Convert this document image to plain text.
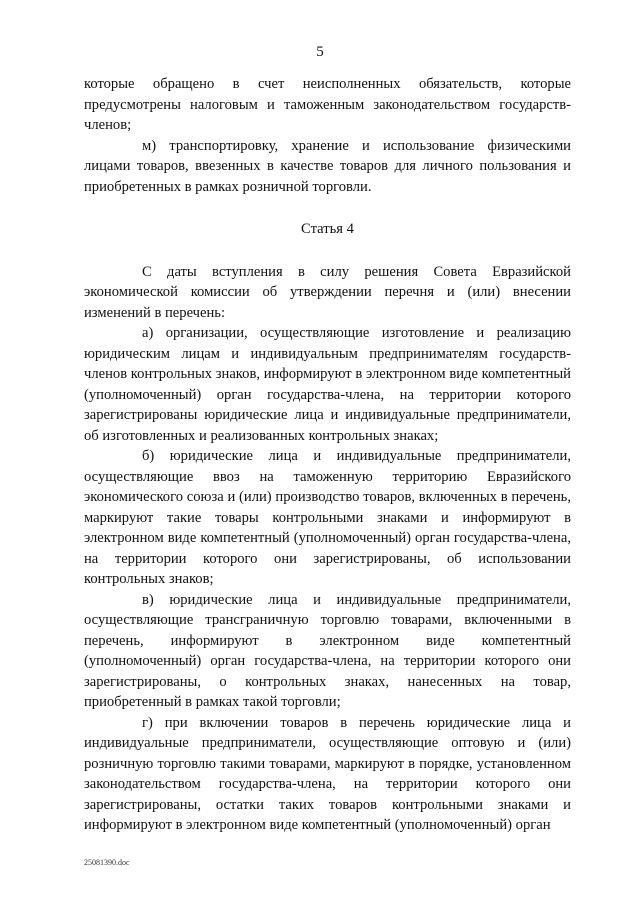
5

которые обращено в счет неисполненных обязательств, которые предусмотрены налоговым и таможенным законодательством государств-членов;

м) транспортировку, хранение и использование физическими лицами товаров, ввезенных в качестве товаров для личного пользования и приобретенных в рамках розничной торговли.

Статья 4

С даты вступления в силу решения Совета Евразийской экономической комиссии об утверждении перечня и (или) внесении изменений в перечень:

а) организации, осуществляющие изготовление и реализацию юридическим лицам и индивидуальным предпринимателям государств-членов контрольных знаков, информируют в электронном виде компетентный (уполномоченный) орган государства-члена, на территории которого зарегистрированы юридические лица и индивидуальные предприниматели, об изготовленных и реализованных контрольных знаках;

б) юридические лица и индивидуальные предприниматели, осуществляющие ввоз на таможенную территорию Евразийского экономического союза и (или) производство товаров, включенных в перечень, маркируют такие товары контрольными знаками и информируют в электронном виде компетентный (уполномоченный) орган государства-члена, на территории которого они зарегистрированы, об использовании контрольных знаков;

в) юридические лица и индивидуальные предприниматели, осуществляющие трансграничную торговлю товарами, включенными в перечень, информируют в электронном виде компетентный (уполномоченный) орган государства-члена, на территории которого они зарегистрированы, о контрольных знаках, нанесенных на товар, приобретенный в рамках такой торговли;

г) при включении товаров в перечень юридические лица и индивидуальные предприниматели, осуществляющие оптовую и (или) розничную торговлю такими товарами, маркируют в порядке, установленном законодательством государства-члена, на территории которого они зарегистрированы, остатки таких товаров контрольными знаками и информируют в электронном виде компетентный (уполномоченный) орган

25081390.doc
